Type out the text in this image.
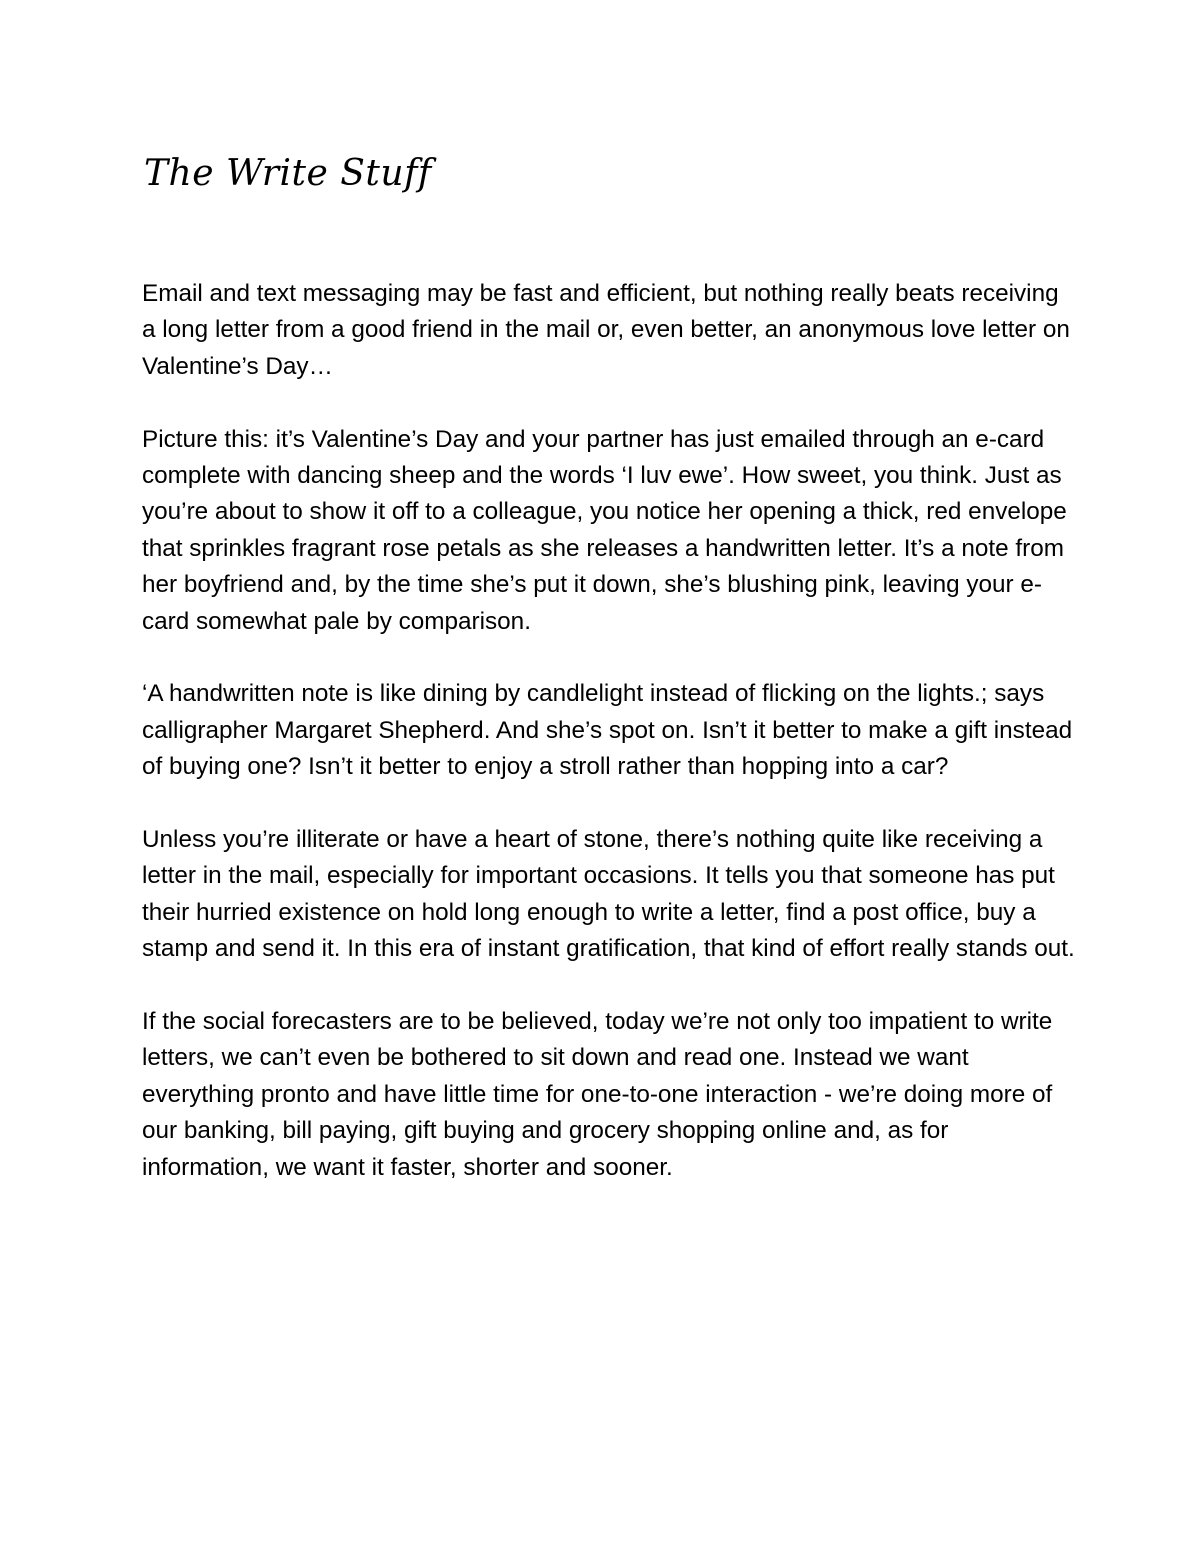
The Write Stuff

Email and text messaging may be fast and efficient, but nothing really beats receiving a long letter from a good friend in the mail or, even better, an anonymous love letter on Valentine’s Day…

Picture this: it’s Valentine’s Day and your partner has just emailed through an e-card complete with dancing sheep and the words ‘I luv ewe’. How sweet, you think. Just as you’re about to show it off to a colleague, you notice her opening a thick, red envelope that sprinkles fragrant rose petals as she releases a handwritten letter. It’s a note from her boyfriend and, by the time she’s put it down, she’s blushing pink, leaving your e-card somewhat pale by comparison.

‘A handwritten note is like dining by candlelight instead of flicking on the lights.; says calligrapher Margaret Shepherd. And she’s spot on. Isn’t it better to make a gift instead of buying one? Isn’t it better to enjoy a stroll rather than hopping into a car?

Unless you’re illiterate or have a heart of stone, there’s nothing quite like receiving a letter in the mail, especially for important occasions. It tells you that someone has put their hurried existence on hold long enough to write a letter, find a post office, buy a stamp and send it. In this era of instant gratification, that kind of effort really stands out.

If the social forecasters are to be believed, today we’re not only too impatient to write letters, we can’t even be bothered to sit down and read one. Instead we want everything pronto and have little time for one-to-one interaction - we’re doing more of our banking, bill paying, gift buying and grocery shopping online and, as for information, we want it faster, shorter and sooner.
